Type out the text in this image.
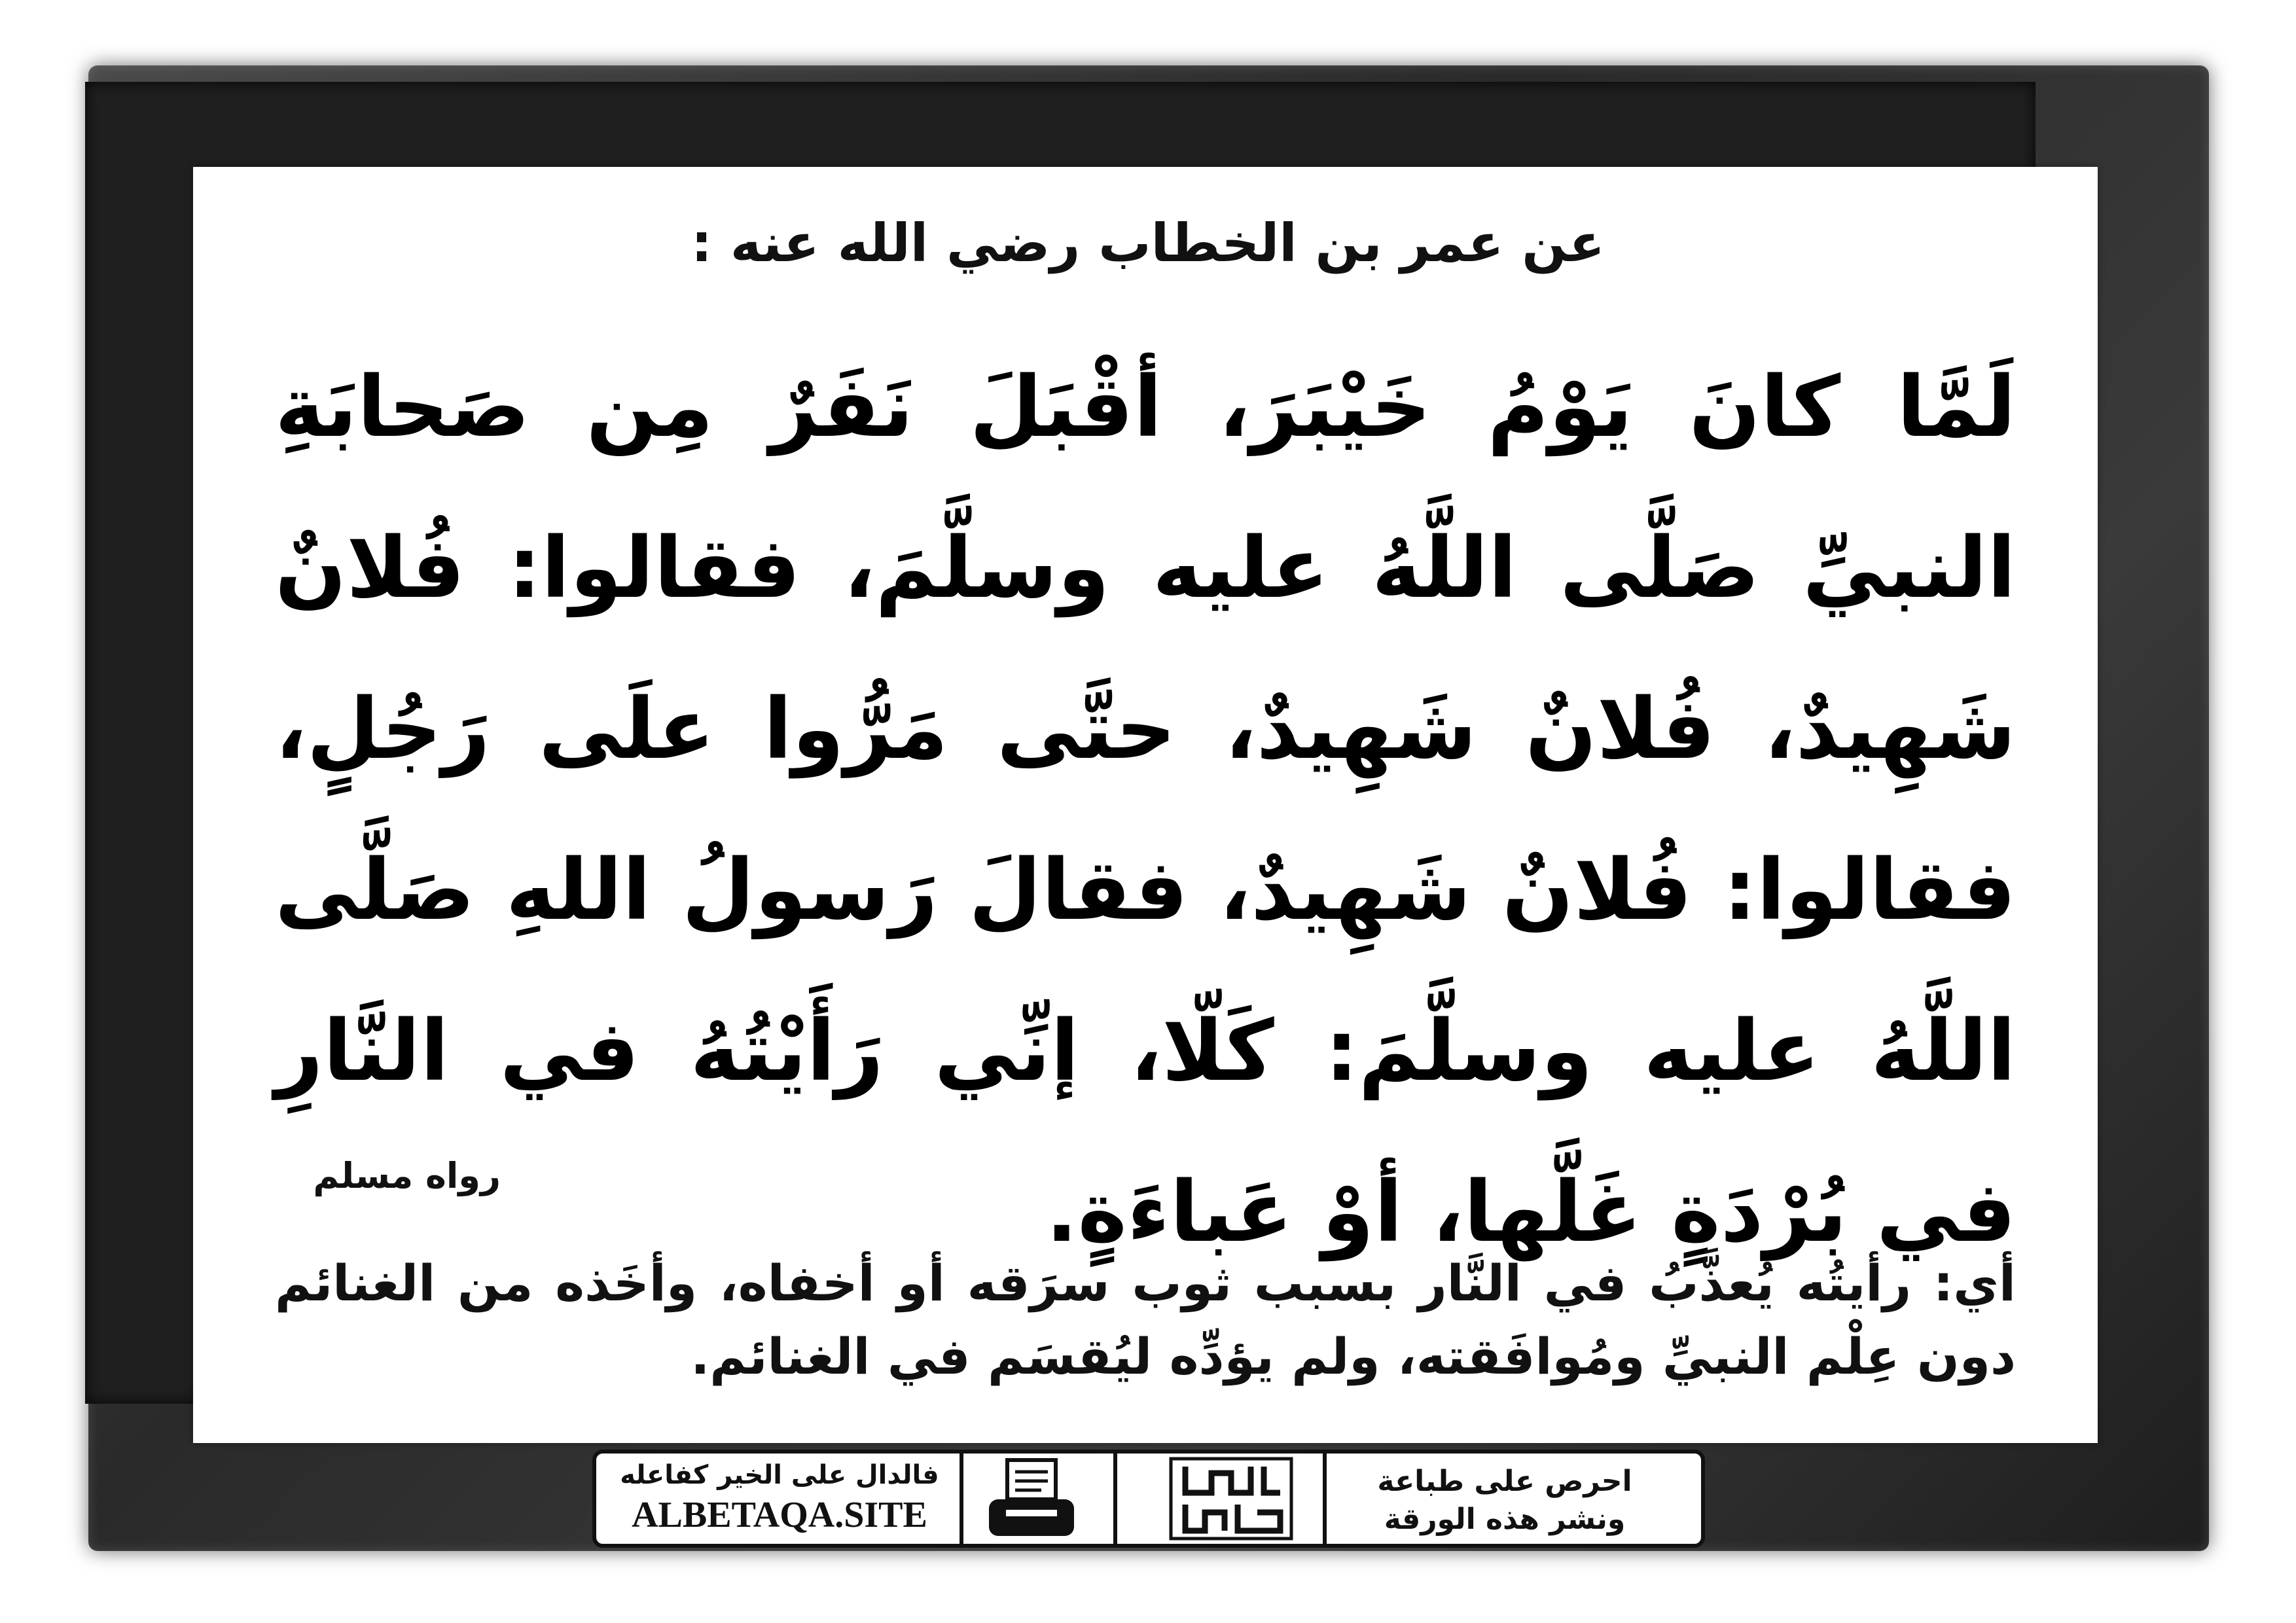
عن عمر بن الخطاب رضي الله عنه :
لَمَّا كانَ يَوْمُ خَيْبَرَ، أقْبَلَ نَفَرٌ مِن صَحابَةِ النبيِّ صَلَّى اللَّهُ عليه وسلَّمَ، فقالوا: فُلانٌ شَهِيدٌ، فُلانٌ شَهِيدٌ، حتَّى مَرُّوا علَى رَجُلٍ، فقالوا: فُلانٌ شَهِيدٌ، فقالَ رَسولُ اللهِ صَلَّى اللَّهُ عليه وسلَّمَ: كَلّا، إنِّي رَأَيْتُهُ في النَّارِ في بُرْدَةٍ غَلَّها، أوْ عَباءَةٍ.
رواه مسلم
أي: رأيتُه يُعذَّبُ في النَّار بسبب ثوب سرَقه أو أخفاه، وأخَذه من الغنائم دون عِلْم النبيِّ ومُوافَقته، ولم يؤدِّه ليُقسَم في الغنائم.
فالدال على الخير كفاعله
ALBETAQA.SITE
احرص على طباعة
ونشر هذه الورقة
